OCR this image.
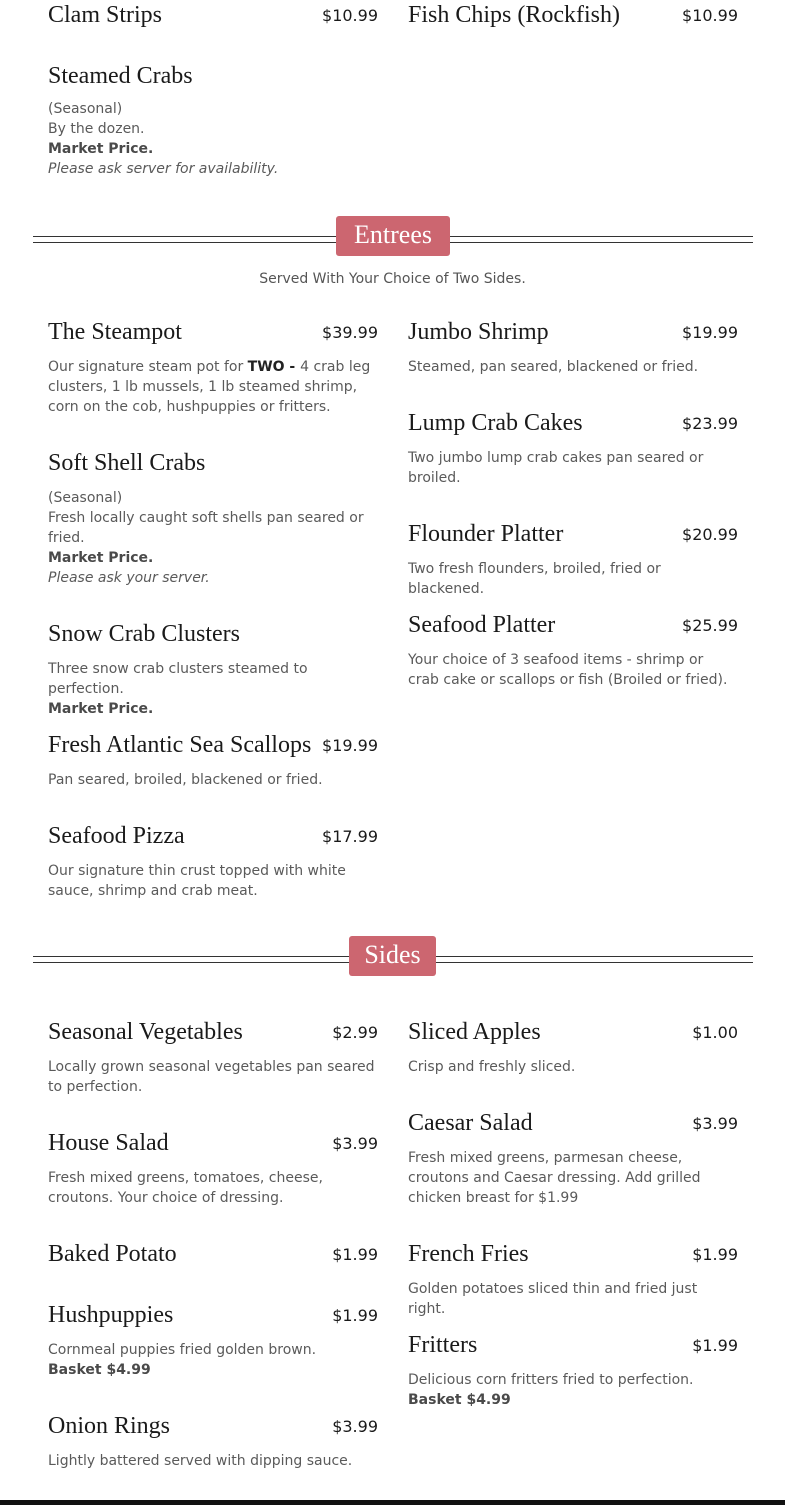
Clam Strips	$10.99 Fish Chips (Rockfish)	$10.99
Steamed Crabs

(Seasonal)
By the dozen.
Market Price.
Please ask server for availability.

Entrees
Served With Your Choice of Two Sides.
The Steampot	$39.99

Our signature steam pot for TWO - 4 crab leg clusters, 1 lb mussels, 1 lb steamed shrimp, corn on the cob, hushpuppies or fritters.

Soft Shell Crabs

(Seasonal)
Fresh locally caught soft shells pan seared or fried.
Market Price.
Please ask your server.

Snow Crab Clusters

Three snow crab clusters steamed to perfection.
Market Price.

Fresh Atlantic Sea Scallops $19.99

Pan seared, broiled, blackened or fried.

Seafood Pizza	$17.99

Our signature thin crust topped with white sauce, shrimp and crab meat.

Jumbo Shrimp	$19.99

Steamed, pan seared, blackened or fried.

Lump Crab Cakes	$23.99

Two jumbo lump crab cakes pan seared or broiled.

Flounder Platter	$20.99

Two fresh flounders, broiled, fried or blackened.

Seafood Platter	$25.99

Your choice of 3 seafood items - shrimp or crab cake or scallops or fish (Broiled or fried).

Sides
Seasonal Vegetables	$2.99

Locally grown seasonal vegetables pan seared to perfection.

House Salad	$3.99

Fresh mixed greens, tomatoes, cheese, croutons. Your choice of dressing.

Baked Potato	$1.99
Hushpuppies	$1.99

Cornmeal puppies fried golden brown.
Basket $4.99

Onion Rings	$3.99

Lightly battered served with dipping sauce.

Sliced Apples	$1.00

Crisp and freshly sliced.

Caesar Salad	$3.99

Fresh mixed greens, parmesan cheese, croutons and Caesar dressing. Add grilled chicken breast for $1.99

French Fries	$1.99

Golden potatoes sliced thin and fried just right.

Fritters	$1.99

Delicious corn fritters fried to perfection.
Basket $4.99
